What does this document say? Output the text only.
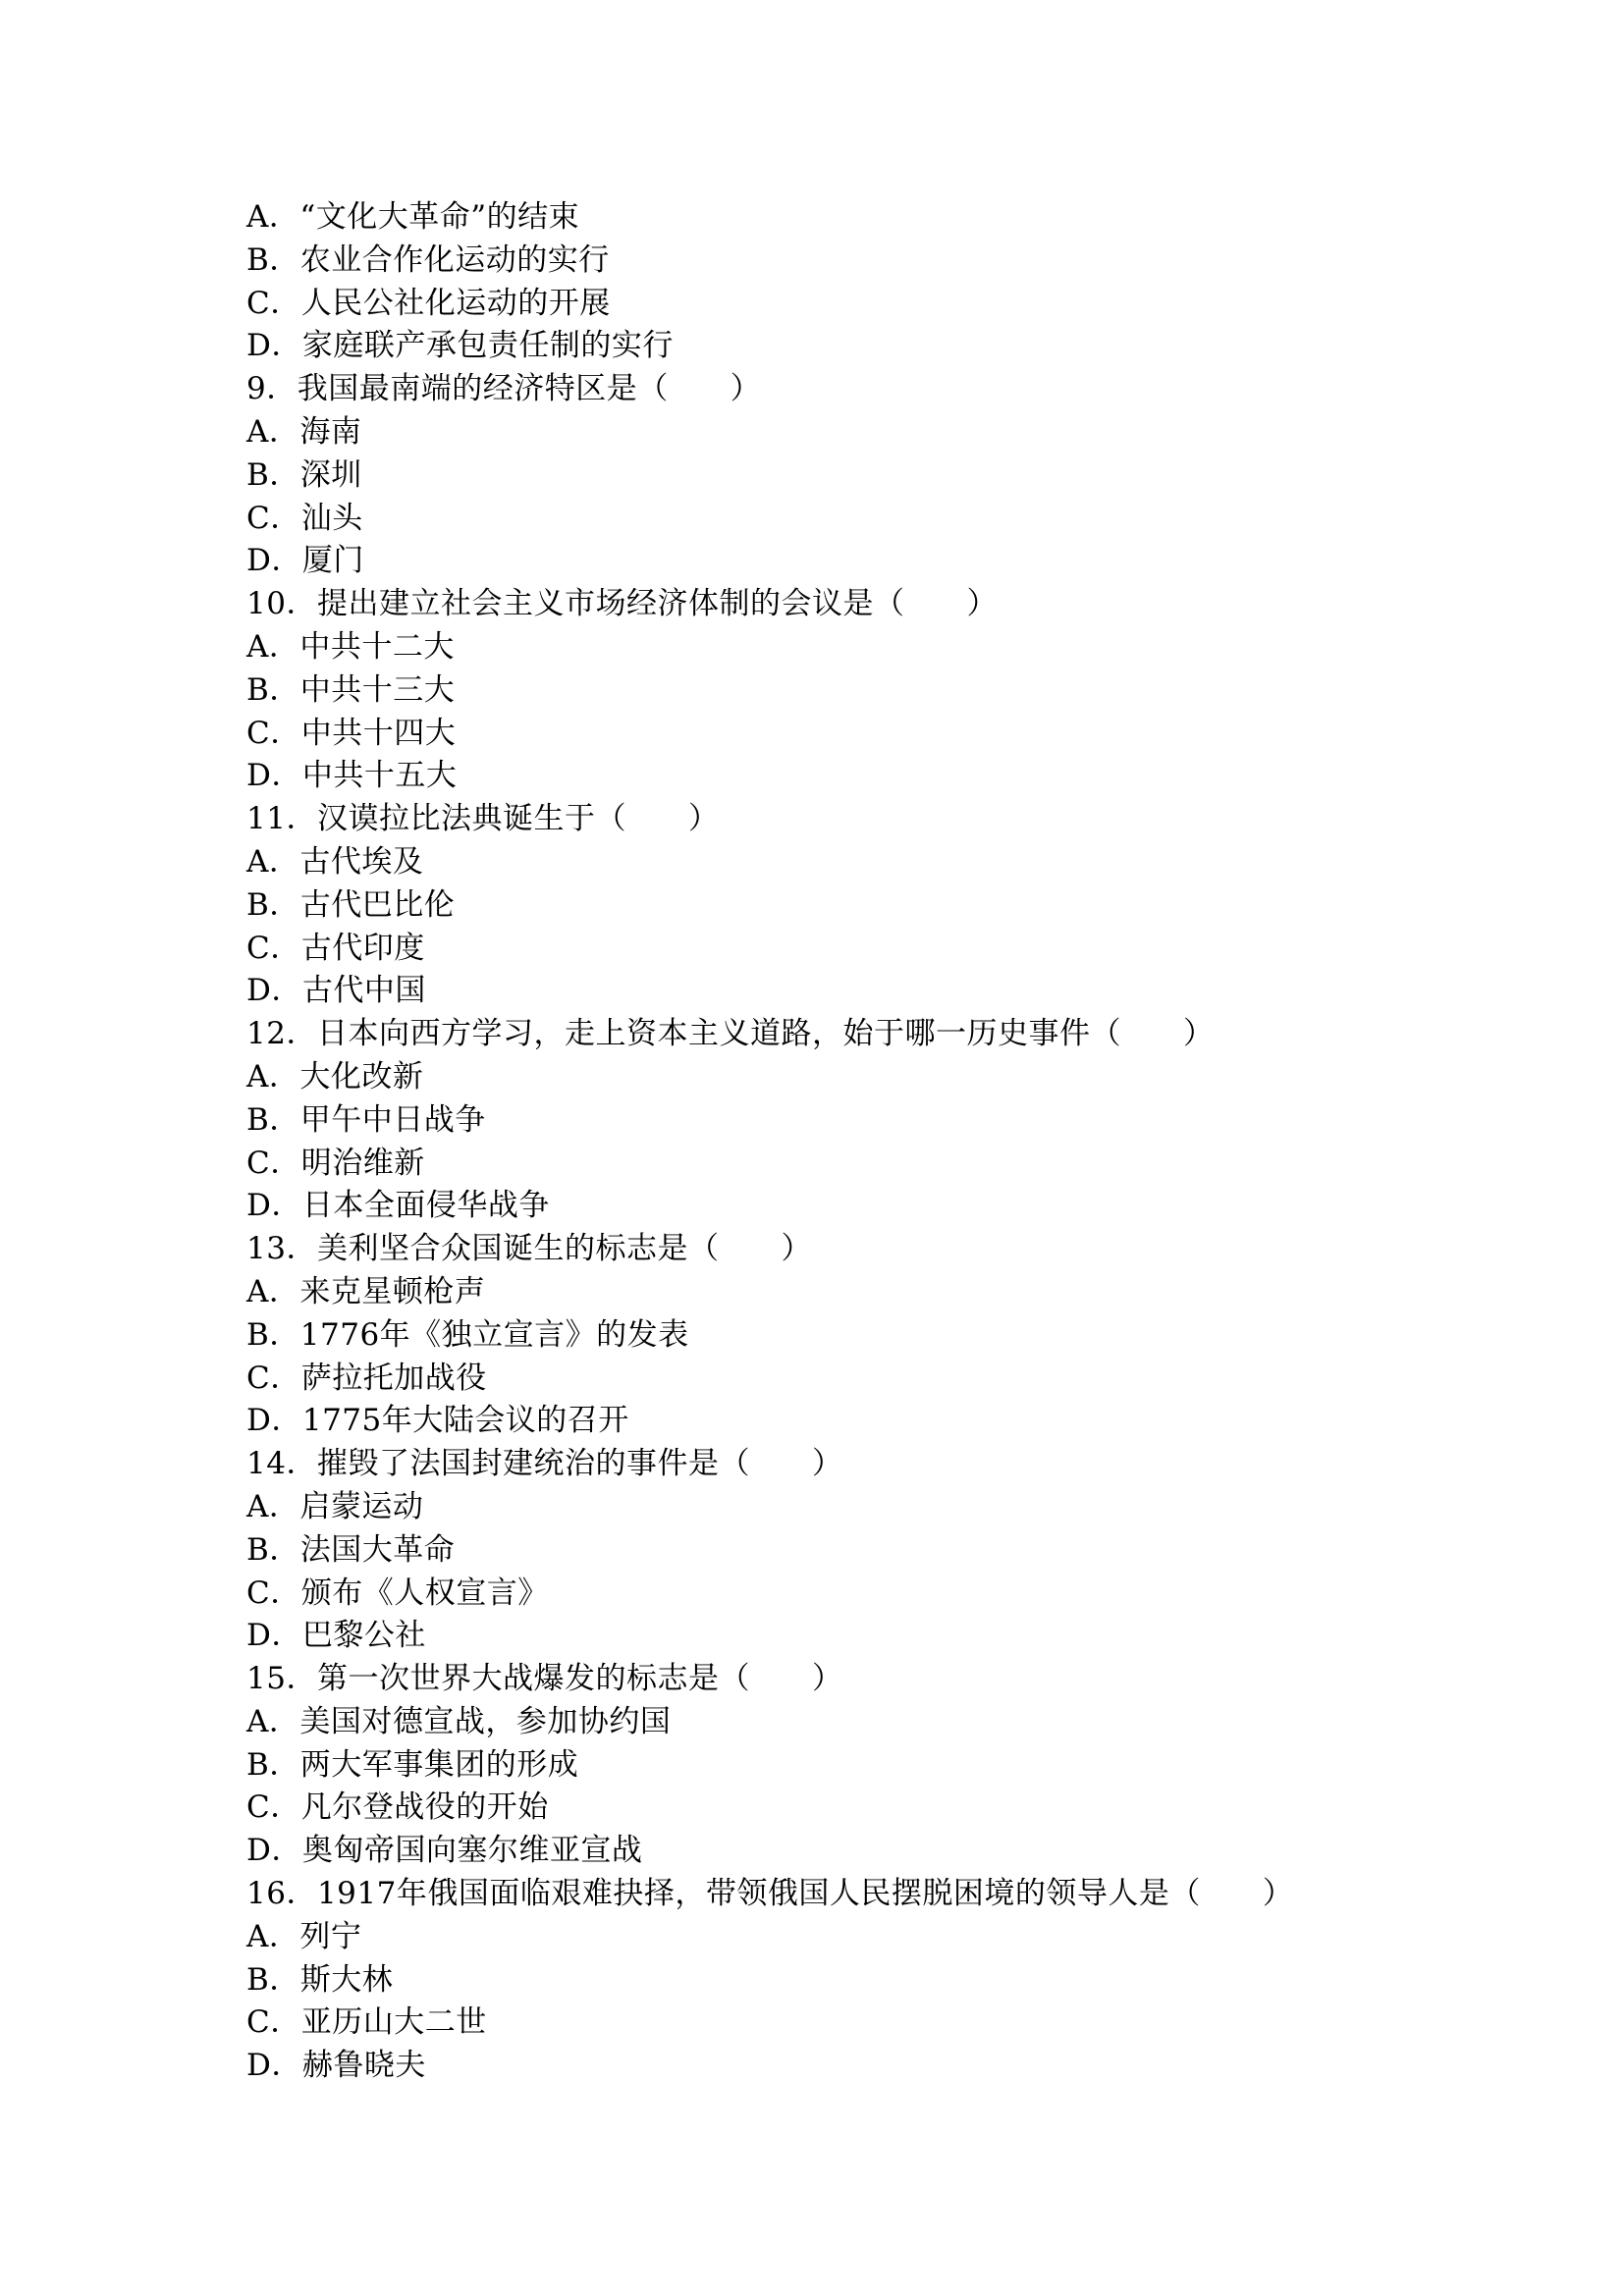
A．“文化大革命”的结束
B．农业合作化运动的实行
C．人民公社化运动的开展
D．家庭联产承包责任制的实行
9．我国最南端的经济特区是（　　）
A．海南
B．深圳
C．汕头
D．厦门
10．提出建立社会主义市场经济体制的会议是（　　）
A．中共十二大
B．中共十三大
C．中共十四大
D．中共十五大
11．汉谟拉比法典诞生于（　　）
A．古代埃及
B．古代巴比伦
C．古代印度
D．古代中国
12．日本向西方学习，走上资本主义道路，始于哪一历史事件（　　）
A．大化改新
B．甲午中日战争
C．明治维新
D．日本全面侵华战争
13．美利坚合众国诞生的标志是（　　）
A．来克星顿枪声
B．1776年《独立宣言》的发表
C．萨拉托加战役
D．1775年大陆会议的召开
14．摧毁了法国封建统治的事件是（　　）
A．启蒙运动
B．法国大革命
C．颁布《人权宣言》
D．巴黎公社
15．第一次世界大战爆发的标志是（　　）
A．美国对德宣战，参加协约国
B．两大军事集团的形成
C．凡尔登战役的开始
D．奥匈帝国向塞尔维亚宣战
16．1917年俄国面临艰难抉择，带领俄国人民摆脱困境的领导人是（　　）
A．列宁
B．斯大林
C．亚历山大二世
D．赫鲁晓夫
